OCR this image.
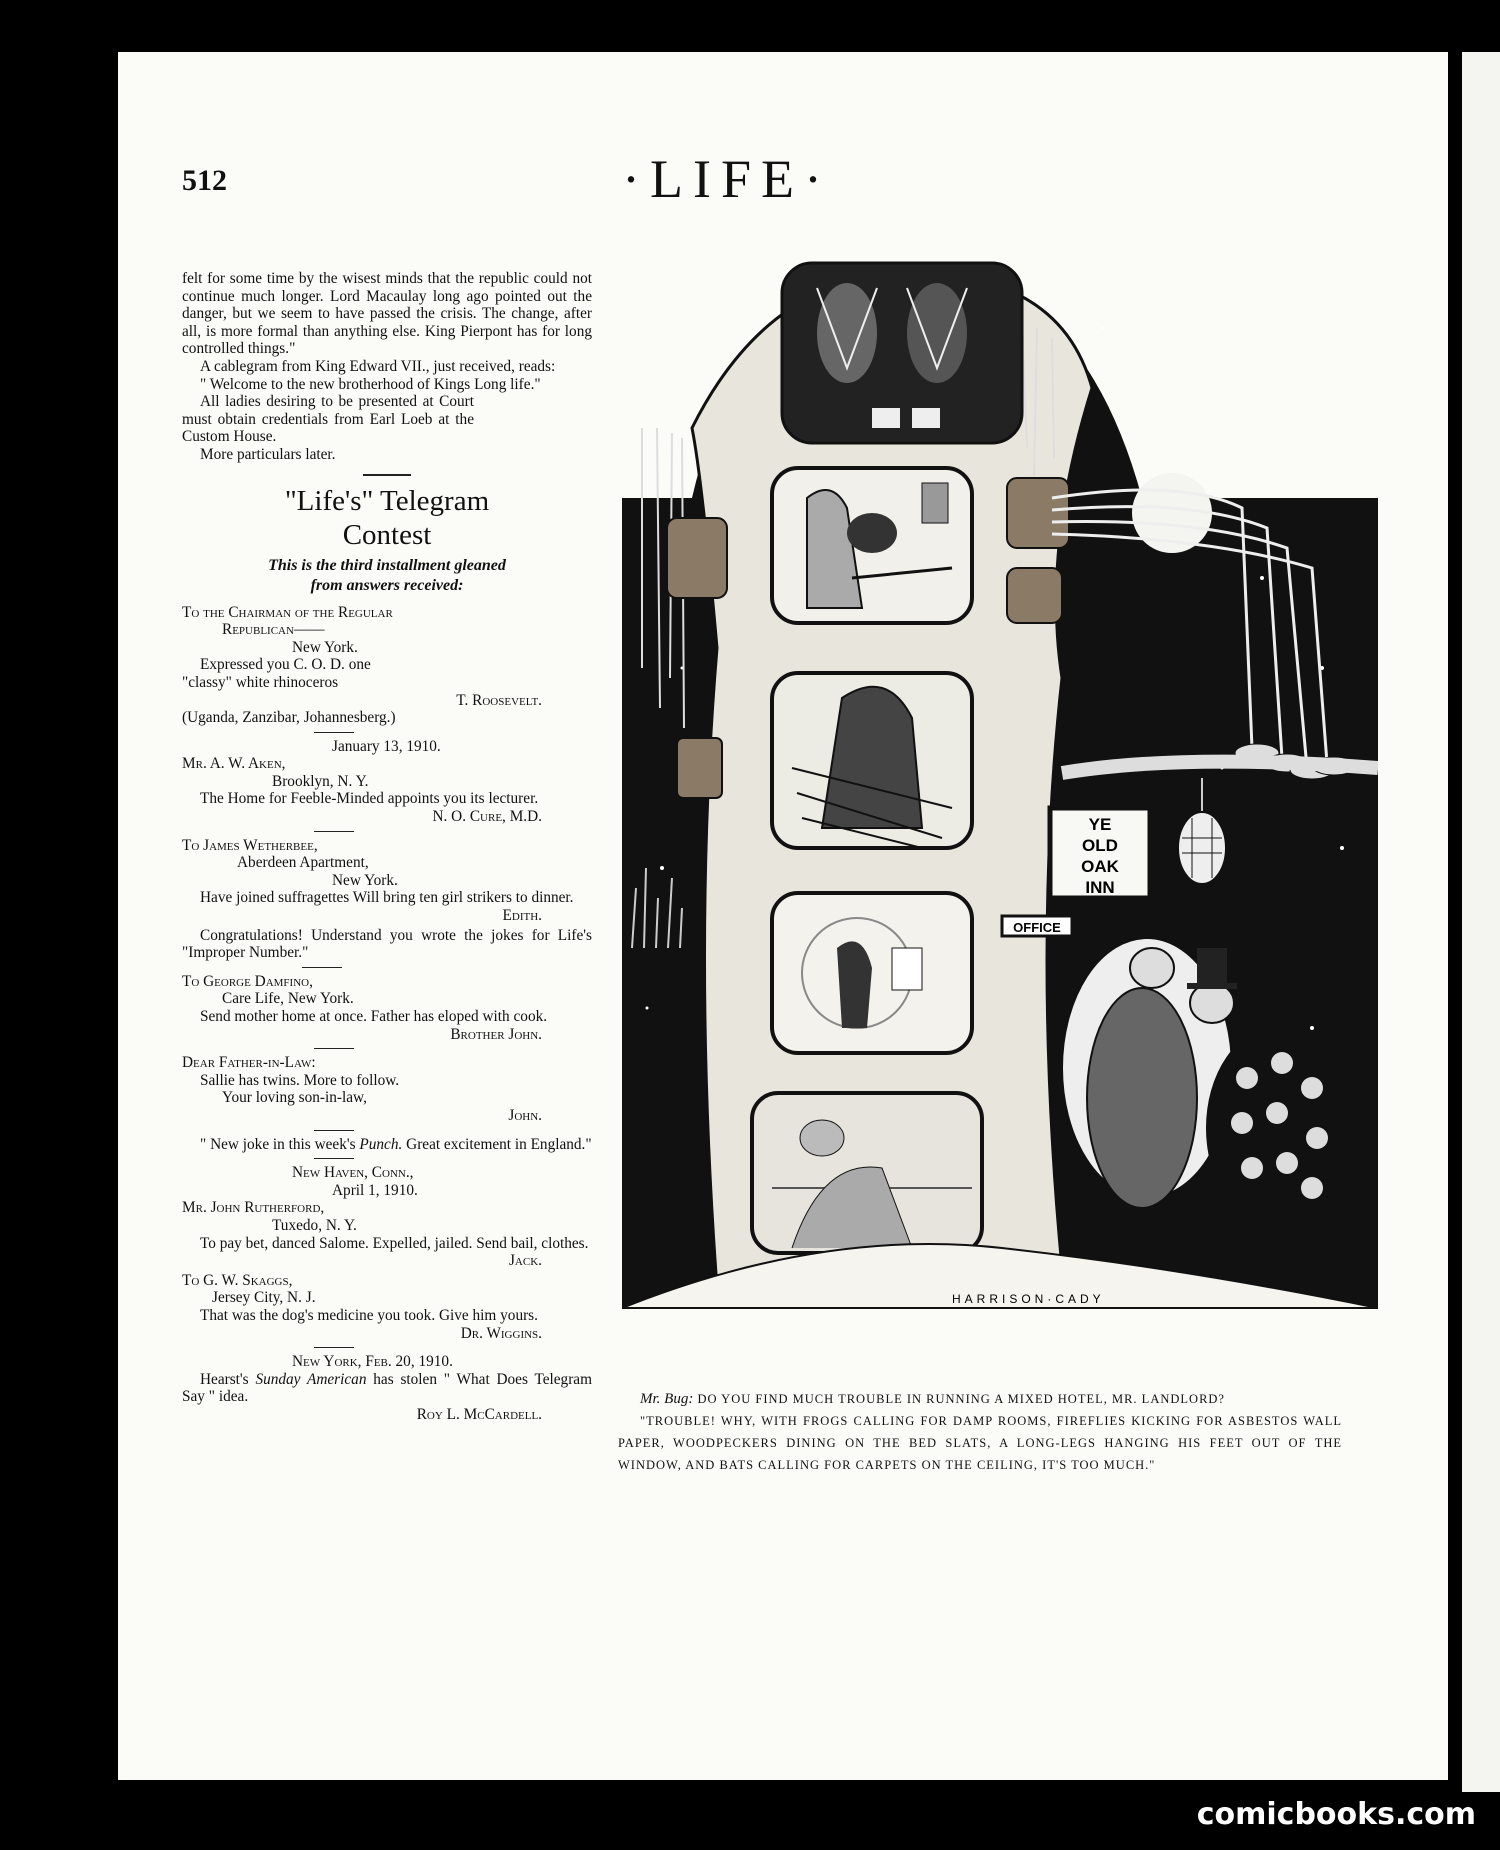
512	·LIFE·

felt for some time by the wisest minds that the republic could not continue much longer. Lord Macaulay long ago pointed out the danger, but we seem to have passed the crisis. The change, after all, is more formal than anything else. King Pierpont has for long controlled things."

A cablegram from King Edward VII., just received, reads:

" Welcome to the new brotherhood of Kings Long life."

All ladies desiring to be presented at Court must obtain credentials from Earl Loeb at the Custom House.

More particulars later.

"Life's" Telegram
Contest
This is the third installment gleaned
from answers received:
To the Chairman of the Regular
Republican——
New York.
Expressed you C. O. D. one
"classy" white rhinoceros
T. Roosevelt.
(Uganda, Zanzibar, Johannesberg.)
January 13, 1910.
Mr. A. W. Aken,
Brooklyn, N. Y.
The Home for Feeble-Minded appoints you its lecturer.
N. O. Cure, M.D.
To James Wetherbee,
Aberdeen Apartment,
New York.
Have joined suffragettes Will bring ten girl strikers to dinner.
Edith.
Congratulations! Understand you wrote the jokes for Life's "Improper Number."
To George Damfino,
Care Life, New York.
Send mother home at once. Father has eloped with cook.
Brother John.
Dear Father-in-Law:
Sallie has twins. More to follow.
Your loving son-in-law,
John.
" New joke in this week's Punch. Great excitement in England."
New Haven, Conn.,
April 1, 1910.
Mr. John Rutherford,
Tuxedo, N. Y.
To pay bet, danced Salome. Expelled, jailed. Send bail, clothes.
Jack.
To G. W. Skaggs,
Jersey City, N. J.
That was the dog's medicine you took. Give him yours.
Dr. Wiggins.
New York, Feb. 20, 1910.
Hearst's Sunday American has stolen " What Does Telegram Say " idea.
Roy L. McCardell.
YE
OLD
OAK
INN
OFFICE
HARRISON·CADY

Mr. Bug: DO YOU FIND MUCH TROUBLE IN RUNNING A MIXED HOTEL, MR. LANDLORD?

"TROUBLE! WHY, WITH FROGS CALLING FOR DAMP ROOMS, FIREFLIES KICKING FOR ASBESTOS WALL PAPER, WOODPECKERS DINING ON THE BED SLATS, A LONG-LEGS HANGING HIS FEET OUT OF THE WINDOW, AND BATS CALLING FOR CARPETS ON THE CEILING, IT'S TOO MUCH."

comicbooks.com
